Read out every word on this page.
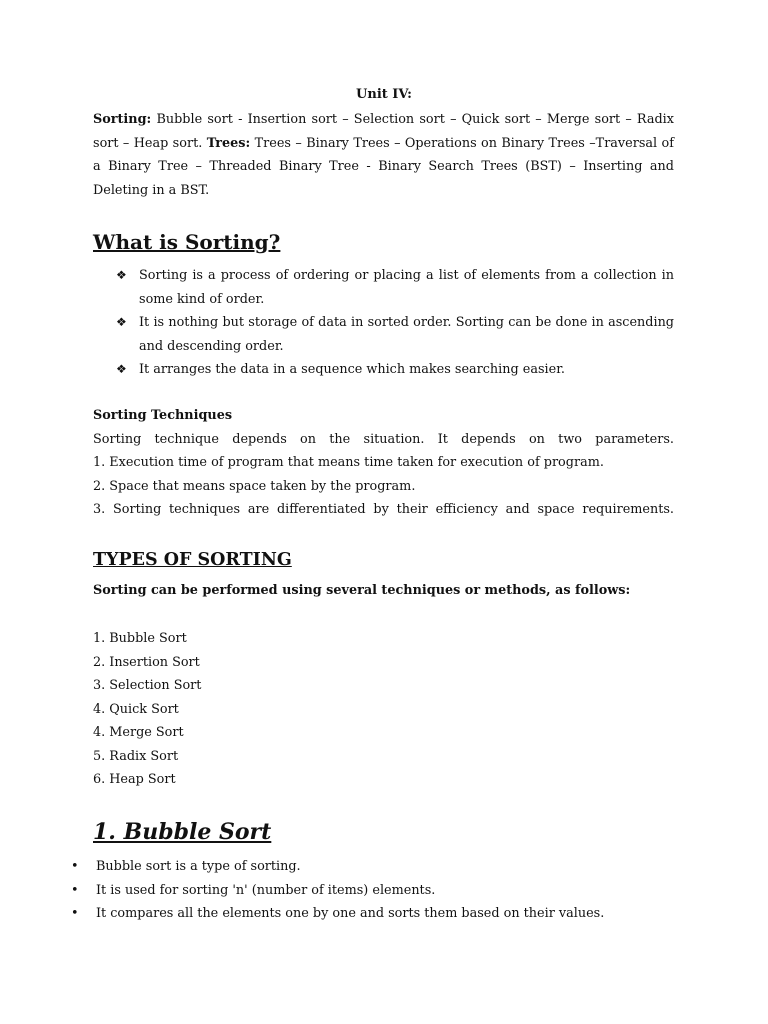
Unit IV:

Sorting: Bubble sort - Insertion sort – Selection sort – Quick sort – Merge sort – Radix sort – Heap sort. Trees: Trees – Binary Trees – Operations on Binary Trees –Traversal of a Binary Tree – Threaded Binary Tree - Binary Search Trees (BST) – Inserting and Deleting in a BST.

What is Sorting?
❖ Sorting is a process of ordering or placing a list of elements from a collection in some kind of order.
❖ It is nothing but storage of data in sorted order. Sorting can be done in ascending and descending order.
❖ It arranges the data in a sequence which makes searching easier.
Sorting Techniques
Sorting technique depends on the situation. It depends on two parameters.
1. Execution time of program that means time taken for execution of program.
2. Space that means space taken by the program.
3. Sorting techniques are differentiated by their efficiency and space requirements.
TYPES OF SORTING
Sorting can be performed using several techniques or methods, as follows:
1. Bubble Sort
2. Insertion Sort
3. Selection Sort
4. Quick Sort
4. Merge Sort
5. Radix Sort
6. Heap Sort
1. Bubble Sort
• Bubble sort is a type of sorting.
• It is used for sorting 'n' (number of items) elements.
• It compares all the elements one by one and sorts them based on their values.
